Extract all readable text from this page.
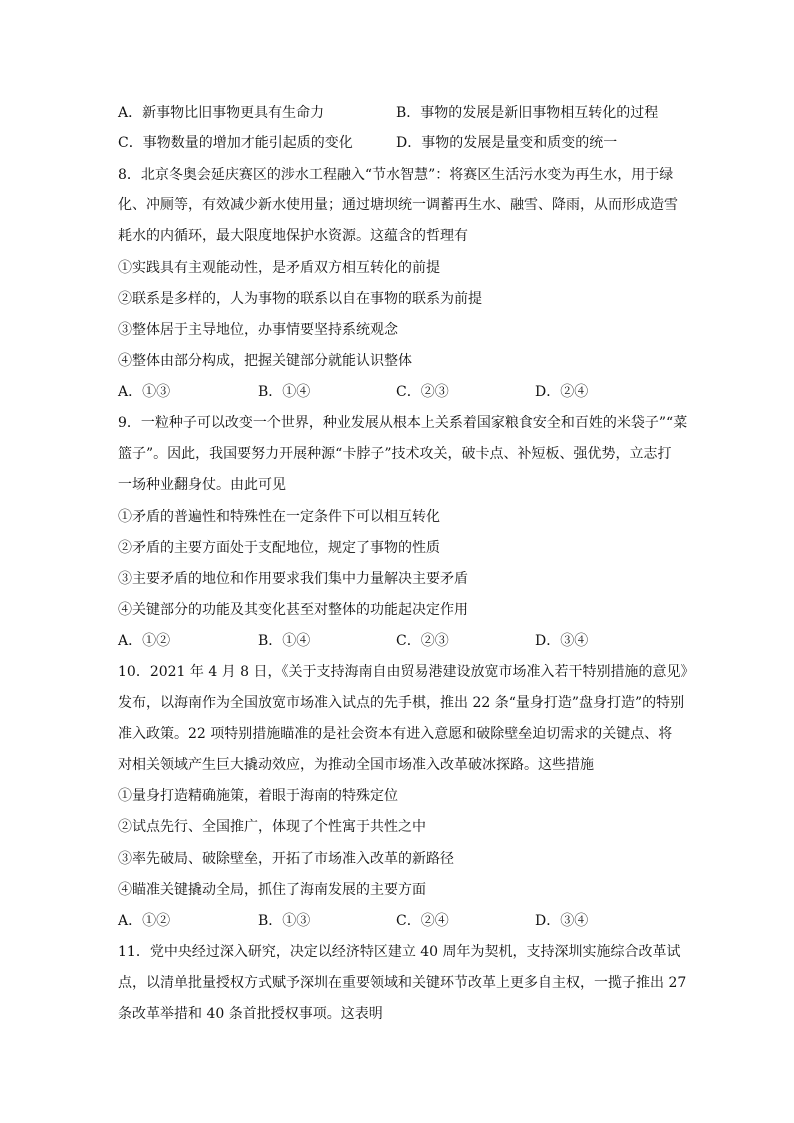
A．新事物比旧事物更具有生命力	B．事物的发展是新旧事物相互转化的过程
C．事物数量的增加才能引起质的变化	D．事物的发展是量变和质变的统一
8．北京冬奥会延庆赛区的涉水工程融入“节水智慧”：将赛区生活污水变为再生水，用于绿
化、冲厕等，有效减少新水使用量；通过塘坝统一调蓄再生水、融雪、降雨，从而形成造雪
耗水的内循环，最大限度地保护水资源。这蕴含的哲理有
①实践具有主观能动性，是矛盾双方相互转化的前提
②联系是多样的，人为事物的联系以自在事物的联系为前提
③整体居于主导地位，办事情要坚持系统观念
④整体由部分构成，把握关键部分就能认识整体
A．①③	B．①④	C．②③	D．②④
9．一粒种子可以改变一个世界，种业发展从根本上关系着国家粮食安全和百姓的米袋子”“菜
篮子”。因此，我国要努力开展种源“卡脖子”技术攻关，破卡点、补短板、强优势，立志打
一场种业翻身仗。由此可见
①矛盾的普遍性和特殊性在一定条件下可以相互转化
②矛盾的主要方面处于支配地位，规定了事物的性质
③主要矛盾的地位和作用要求我们集中力量解决主要矛盾
④关键部分的功能及其变化甚至对整体的功能起决定作用
A．①②	B．①④	C．②③	D．③④
10．2021 年 4 月 8 日，《关于支持海南自由贸易港建设放宽市场准入若干特别措施的意见》
发布，以海南作为全国放宽市场准入试点的先手棋，推出 22 条“量身打造”盘身打造”的特别
准入政策。22 项特别措施瞄准的是社会资本有进入意愿和破除壁垒迫切需求的关键点、将
对相关领域产生巨大撬动效应，为推动全国市场准入改革破冰探路。这些措施
①量身打造精确施策，着眼于海南的特殊定位
②试点先行、全国推广，体现了个性寓于共性之中
③率先破局、破除壁垒，开拓了市场准入改革的新路径
④瞄准关键撬动全局，抓住了海南发展的主要方面
A．①②	B．①③	C．②④	D．③④
11．党中央经过深入研究，决定以经济特区建立 40 周年为契机，支持深圳实施综合改革试
点，以清单批量授权方式赋予深圳在重要领域和关键环节改革上更多自主权，一揽子推出 27
条改革举措和 40 条首批授权事项。这表明
